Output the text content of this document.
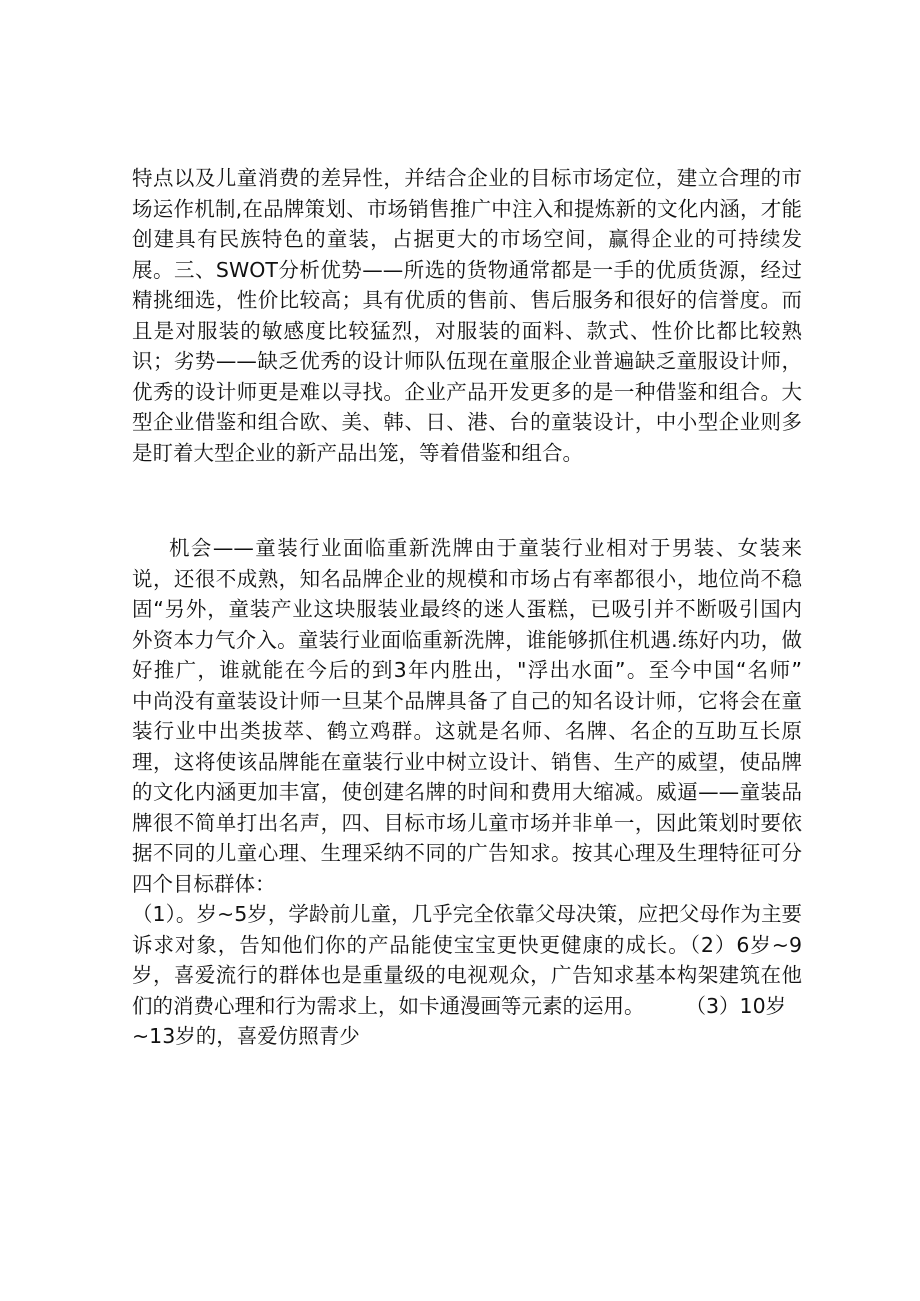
特点以及儿童消费的差异性，并结合企业的目标市场定位，建立合理的市
场运作机制,在品牌策划、市场销售推广中注入和提炼新的文化内涵，才能
创建具有民族特色的童装，占据更大的市场空间，赢得企业的可持续发
展。三、SWOT分析优势——所选的货物通常都是一手的优质货源，经过
精挑细选，性价比较高；具有优质的售前、售后服务和很好的信誉度。而
且是对服装的敏感度比较猛烈，对服装的面料、款式、性价比都比较熟
识；劣势——缺乏优秀的设计师队伍现在童服企业普遍缺乏童服设计师，
优秀的设计师更是难以寻找。企业产品开发更多的是一种借鉴和组合。大
型企业借鉴和组合欧、美、韩、日、港、台的童装设计，中小型企业则多
是盯着大型企业的新产品出笼，等着借鉴和组合。
机会——童装行业面临重新洗牌由于童装行业相对于男装、女装来
说，还很不成熟，知名品牌企业的规模和市场占有率都很小，地位尚不稳
固“另外，童装产业这块服装业最终的迷人蛋糕，已吸引并不断吸引国内
外资本力气介入。童装行业面临重新洗牌，谁能够抓住机遇.练好内功，做
好推广，谁就能在今后的到3年内胜出，"浮出水面”。至今中国“名师”
中尚没有童装设计师一旦某个品牌具备了自己的知名设计师，它将会在童
装行业中出类拔萃、鹤立鸡群。这就是名师、名牌、名企的互助互长原
理，这将使该品牌能在童装行业中树立设计、销售、生产的威望，使品牌
的文化内涵更加丰富，使创建名牌的时间和费用大缩减。威逼——童装品
牌很不简单打出名声，四、目标市场儿童市场并非单一，因此策划时要依
据不同的儿童心理、生理采纳不同的广告知求。按其心理及生理特征可分
四个目标群体：
（1）。岁~5岁，学龄前儿童，几乎完全依靠父母决策，应把父母作为主要
诉求对象，告知他们你的产品能使宝宝更快更健康的成长。（2）6岁~9
岁，喜爱流行的群体也是重量级的电视观众，广告知求基本构架建筑在他
们的消费心理和行为需求上，如卡通漫画等元素的运用。　　　（3）10岁
~13岁的，喜爱仿照青少
